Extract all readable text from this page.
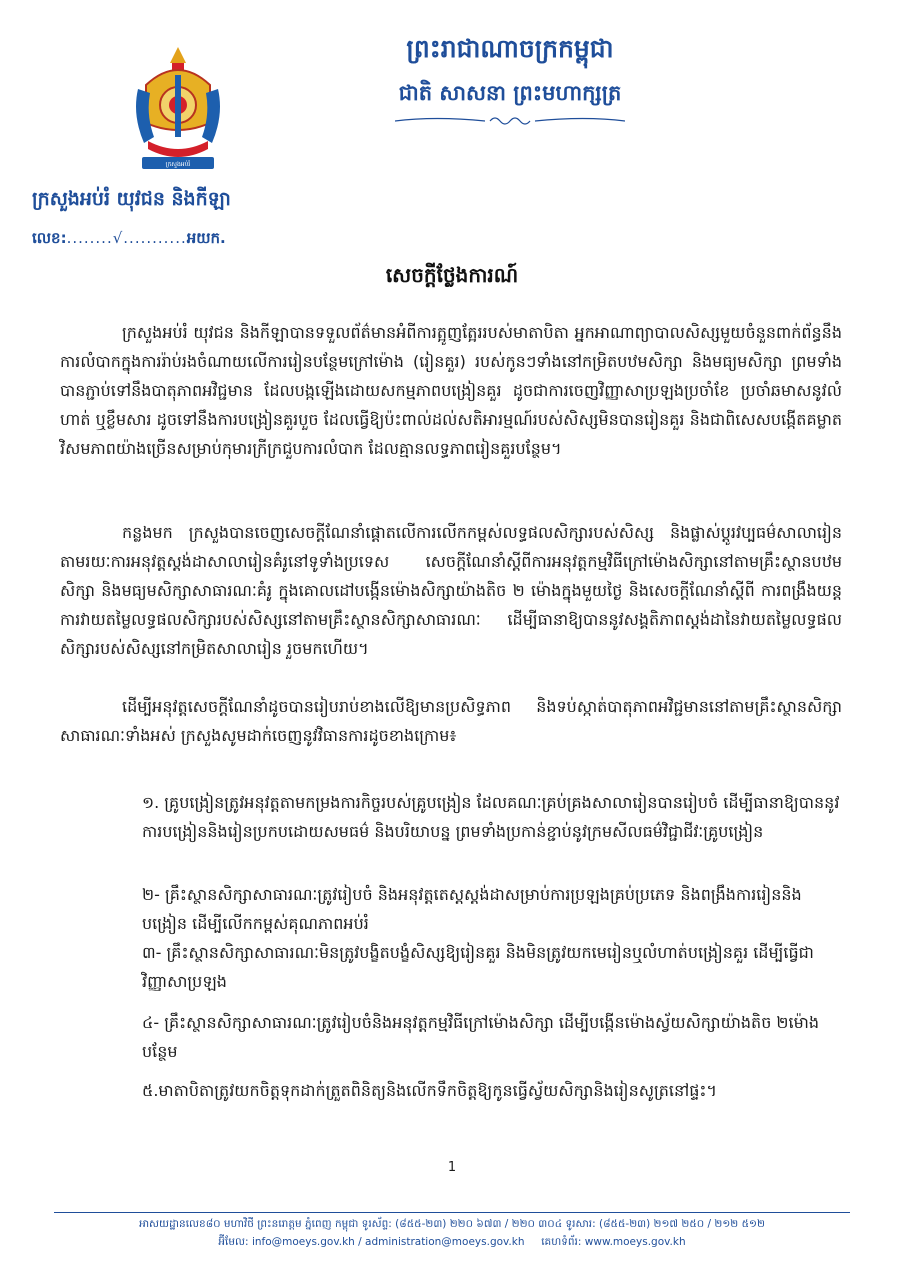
ក្រសួងអប់រំ
ព្រះរាជាណាចក្រកម្ពុជា
ជាតិ សាសនា ព្រះមហាក្សត្រ
ក្រសួងអប់រំ យុវជន និងកីឡា
លេខ:........√...........អយក.
សេចក្តីថ្លែងការណ៍
ក្រសួងអប់រំ យុវជន និងកីឡាបានទទួលព័ត៌មានអំពីការត្អូញត្អែររបស់មាតាបិតា អ្នកអាណាព្យាបាលសិស្សមួយចំនួនពាក់ព័ន្ធនឹងការលំបាកក្នុងការរ៉ាប់រងចំណាយលើការរៀនបន្ថែមក្រៅម៉ោង (រៀនគួរ) របស់កូនៗទាំងនៅកម្រិតបឋមសិក្សា និងមធ្យមសិក្សា ព្រមទាំងបានភ្ជាប់ទៅនឹងបាតុភាពអវិជ្ជមាន ដែលបង្កឡើងដោយសកម្មភាពបង្រៀនគួរ ដូចជាការចេញវិញ្ញាសាប្រឡងប្រចាំខែ ប្រចាំឆមាសនូវលំហាត់ ឬខ្លឹមសារ ដូចទៅនឹងការបង្រៀនគួរបួច ដែលធ្វើឱ្យប៉ះពាល់ដល់សតិអារម្មណ៍របស់សិស្សមិនបានរៀនគួរ និងជាពិសេសបង្កើតគម្លាតវិសមភាពយ៉ាងច្រើនសម្រាប់កុមារក្រីក្រជួបការលំបាក ដែលគ្មានលទ្ធភាពរៀនគួរបន្ថែម។
កន្លងមក ក្រសួងបានចេញសេចក្តីណែនាំផ្តោតលើការលើកកម្ពស់លទ្ធផលសិក្សារបស់សិស្ស និងផ្លាស់ប្តូរវប្បធម៌សាលារៀន តាមរយៈការអនុវត្តស្តង់ដាសាលារៀនគំរូនៅទូទាំងប្រទេស សេចក្តីណែនាំស្តីពីការអនុវត្តកម្មវិធីក្រៅម៉ោងសិក្សានៅតាមគ្រឹះស្ថានបឋមសិក្សា និងមធ្យមសិក្សាសាធារណៈគំរូ ក្នុងគោលដៅបង្កើនម៉ោងសិក្សាយ៉ាងតិច ២ ម៉ោងក្នុងមួយថ្ងៃ និងសេចក្តីណែនាំស្តីពី ការពង្រឹងយន្តការវាយតម្លៃលទ្ធផលសិក្សារបស់សិស្សនៅតាមគ្រឹះស្ថានសិក្សាសាធារណៈ ដើម្បីធានាឱ្យបាននូវសង្គតិភាពស្តង់ដានៃវាយតម្លៃលទ្ធផលសិក្សារបស់សិស្សនៅកម្រិតសាលារៀន រួចមកហើយ។
ដើម្បីអនុវត្តសេចក្តីណែនាំដូចបានរៀបរាប់ខាងលើឱ្យមានប្រសិទ្ធភាព និងទប់ស្កាត់បាតុភាពអវិជ្ជមាននៅតាមគ្រឹះស្ថានសិក្សាសាធារណៈទាំងអស់ ក្រសួងសូមដាក់ចេញនូវវិធានការដូចខាងក្រោម៖
១. គ្រូបង្រៀនត្រូវអនុវត្តតាមកម្រងការកិច្ចរបស់គ្រូបង្រៀន ដែលគណៈគ្រប់គ្រងសាលារៀនបានរៀបចំ ដើម្បីធានាឱ្យបាននូវការបង្រៀននិងរៀនប្រកបដោយសមធម៌ និងបរិយាបន្ន ព្រមទាំងប្រកាន់ខ្ជាប់នូវក្រមសីលធម៌វិជ្ជាជីវៈគ្រូបង្រៀន
២- គ្រឹះស្ថានសិក្សាសាធារណៈត្រូវរៀបចំ និងអនុវត្តតេស្តស្តង់ដាសម្រាប់ការប្រឡងគ្រប់ប្រភេទ និងពង្រឹងការរៀននិងបង្រៀន ដើម្បីលើកកម្ពស់គុណភាពអប់រំ
៣- គ្រឹះស្ថានសិក្សាសាធារណៈមិនត្រូវបង្ខិតបង្ខំសិស្សឱ្យរៀនគួរ និងមិនត្រូវយកមេរៀនឬលំហាត់បង្រៀនគួរ ដើម្បីធ្វើជាវិញ្ញាសាប្រឡង
៤- គ្រឹះស្ថានសិក្សាសាធារណៈត្រូវរៀបចំនិងអនុវត្តកម្មវិធីក្រៅម៉ោងសិក្សា ដើម្បីបង្កើនម៉ោងស្វ័យសិក្សាយ៉ាងតិច ២ម៉ោងបន្ថែម
៥.មាតាបិតាត្រូវយកចិត្តទុកដាក់ត្រួតពិនិត្យនិងលើកទឹកចិត្តឱ្យកូនធ្វើស្វ័យសិក្សានិងរៀនសូត្រនៅផ្ទះ។
1
អាសយដ្ឋានលេខ៨០ មហាវិថី ព្រះនរោត្តម ភ្នំពេញ កម្ពុជា ទូរស័ព្ទ: (៨៥៥-២៣) ២២០ ៦៧៣ / ២២០ ៣០៤ ទូរសារ: (៨៥៥-២៣) ២១៧ ២៥០ / ២១២ ៥១២
អ៊ីមែល: info@moeys.gov.kh / administration@moeys.gov.kh គេហទំព័រ: www.moeys.gov.kh
